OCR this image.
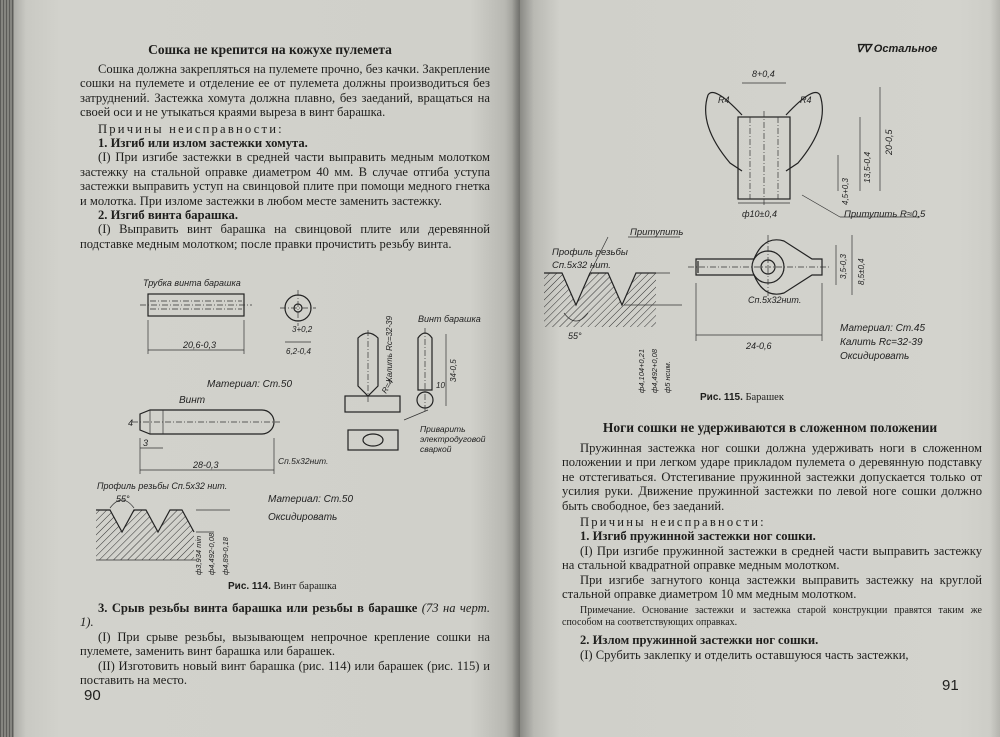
Сошка не крепится на кожухе пулемета

Сошка должна закрепляться на пулемете прочно, без качки. Закрепление сошки на пулемете и отделение ее от пулемета должны производиться без затруднений. Застежка хомута должна плавно, без заеданий, вращаться на своей оси и не утыкаться краями выреза в винт барашка.

Причины неисправности:

1. Изгиб или излом застежки хомута.

(I) При изгибе застежки в средней части выправить медным молотком застежку на стальной оправке диаметром 40 мм. В случае отгиба уступа застежки выправить уступ на свинцовой плите при помощи медного гнетка и молотка. При изломе застежки в любом месте заменить застежку.

2. Изгиб винта барашка.

(I) Выправить винт барашка на свинцовой плите или деревянной подставке медным молотком; после правки прочистить резьбу винта.

Трубка винта барашка
20,6-0,3
3+0,2
6,2-0,4
Материал: Ст.50
Винт
4
3
28-0,3	Сп.5х32нит.
Профиль резьбы Сп.5х32 нит.
55°
ф3,934 min ф4,492-0,08 ф4,89-0,18
Материал: Ст.50
Оксидировать
Винт барашка
Калить Rc=32-39
R=4	10
34-0,5
Приварить
электродуговой
сваркой
Рис. 114. Винт барашка

3. Срыв резьбы винта барашка или резьбы в барашке (73 на черт. 1).

(I) При срыве резьбы, вызывающем непрочное крепление сошки на пулемете, заменить винт барашка или барашек.

(II) Изготовить новый винт барашка (рис. 114) или барашек (рис. 115) и поставить на место.

90
∇∇ Остальное
8+0,4
R4	R4
20-0,5
13,5-0,4
4,5+0,3
ф10±0,4	Притупить R≈0,5
Притупить
Профиль резьбы
Сп.5х32 нит.
55°
ф4,104+0,21 ф4,492+0,08 ф5 нсим.
Сп.5х32нит.
24-0,6
3,5-0,3 8,5±0,4
Материал: Ст.45
Калить Rc=32-39
Оксидировать
Рис. 115. Барашек
Ноги сошки не удерживаются в сложенном положении

Пружинная застежка ног сошки должна удерживать ноги в сложенном положении и при легком ударе прикладом пулемета о деревянную подставку не отстегиваться. Отстегивание пружинной застежки допускается только от усилия руки. Движение пружинной застежки по левой ноге сошки должно быть свободное, без заеданий.

Причины неисправности:

1. Изгиб пружинной застежки ног сошки.

(I) При изгибе пружинной застежки в средней части выправить застежку на стальной квадратной оправке медным молотком.

При изгибе загнутого конца застежки выправить застежку на круглой стальной оправке диаметром 10 мм медным молотком.

Примечание. Основание застежки и застежка старой конструкции правятся таким же способом на соответствующих оправках.

2. Излом пружинной застежки ног сошки.

(I) Срубить заклепку и отделить оставшуюся часть застежки,

91
